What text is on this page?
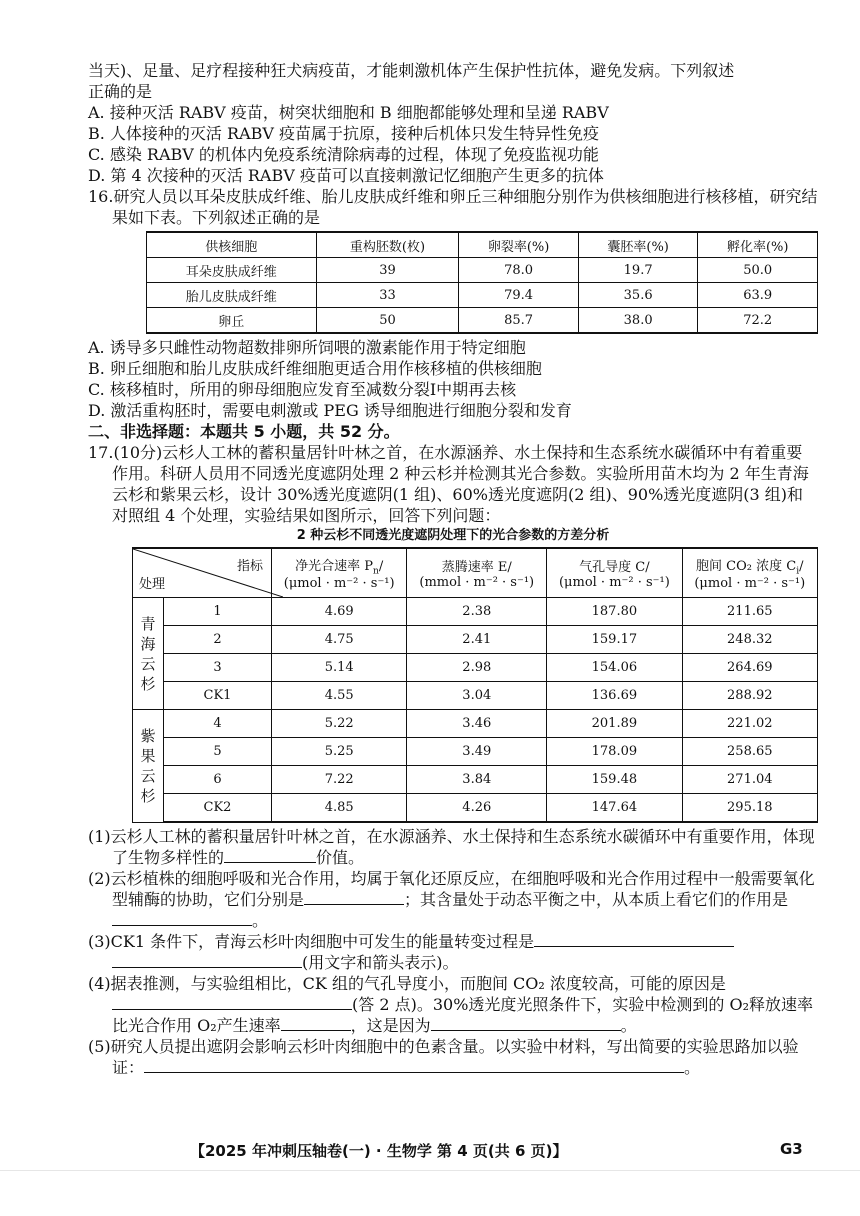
当天)、足量、足疗程接种狂犬病疫苗，才能刺激机体产生保护性抗体，避免发病。下列叙述

正确的是

A. 接种灭活 RABV 疫苗，树突状细胞和 B 细胞都能够处理和呈递 RABV

B. 人体接种的灭活 RABV 疫苗属于抗原，接种后机体只发生特异性免疫

C. 感染 RABV 的机体内免疫系统清除病毒的过程，体现了免疫监视功能

D. 第 4 次接种的灭活 RABV 疫苗可以直接刺激记忆细胞产生更多的抗体

16.研究人员以耳朵皮肤成纤维、胎儿皮肤成纤维和卵丘三种细胞分别作为供核细胞进行核移植，研究结果如下表。下列叙述正确的是

供核细胞	重构胚数(枚)	卵裂率(%)	囊胚率(%)	孵化率(%)
耳朵皮肤成纤维	39	78.0	19.7	50.0
胎儿皮肤成纤维	33	79.4	35.6	63.9
卵丘	50	85.7	38.0	72.2

A. 诱导多只雌性动物超数排卵所饲喂的激素能作用于特定细胞

B. 卵丘细胞和胎儿皮肤成纤维细胞更适合用作核移植的供核细胞

C. 核移植时，所用的卵母细胞应发育至减数分裂Ⅰ中期再去核

D. 激活重构胚时，需要电刺激或 PEG 诱导细胞进行细胞分裂和发育

二、非选择题：本题共 5 小题，共 52 分。

17.(10分)云杉人工林的蓄积量居针叶林之首，在水源涵养、水土保持和生态系统水碳循环中有着重要作用。科研人员用不同透光度遮阴处理 2 种云杉并检测其光合参数。实验所用苗木均为 2 年生青海云杉和紫果云杉，设计 30%透光度遮阴(1 组)、60%透光度遮阴(2 组)、90%透光度遮阴(3 组)和对照组 4 个处理，实验结果如图所示，回答下列问题：

2 种云杉不同透光度遮阴处理下的光合参数的方差分析

指标
处理		净光合速率 $P_n/$
(μmol · m⁻² · s⁻¹)	蒸腾速率 E/
(mmol · m⁻² · s⁻¹)	气孔导度 C/
(μmol · m⁻² · s⁻¹)	胞间 CO₂ 浓度 $C_i/$
(μmol · m⁻² · s⁻¹)
青
海
云
杉	1	4.69	2.38	187.80	211.65
	2	4.75	2.41	159.17	248.32
	3	5.14	2.98	154.06	264.69
	CK1	4.55	3.04	136.69	288.92
紫
果
云
杉	4	5.22	3.46	201.89	221.02
	5	5.25	3.49	178.09	258.65
	6	7.22	3.84	159.48	271.04
	CK2	4.85	4.26	147.64	295.18

(1)云杉人工林的蓄积量居针叶林之首，在水源涵养、水土保持和生态系统水碳循环中有重要作用，体现了生物多样性的	价值。

(2)云杉植株的细胞呼吸和光合作用，均属于氧化还原反应，在细胞呼吸和光合作用过程中一般需要氧化型辅酶的协助，它们分别是	；其含量处于动态平衡之中，从本质上看它们的作用是。

(3)CK1 条件下，青海云杉叶肉细胞中可发生的能量转变过程是
(用文字和箭头表示)。

(4)据表推测，与实验组相比，CK 组的气孔导度小，而胞间 CO₂ 浓度较高，可能的原因是
(答 2 点)。30%透光度光照条件下，实验中检测到的 O₂释放速率比光合作用 O₂产生速率	，这是因为	。

(5)研究人员提出遮阴会影响云杉叶肉细胞中的色素含量。以实验中材料，写出简要的实验思路加以验证：	。

【2025 年冲刺压轴卷(一) · 生物学 第 4 页(共 6 页)】	G3
